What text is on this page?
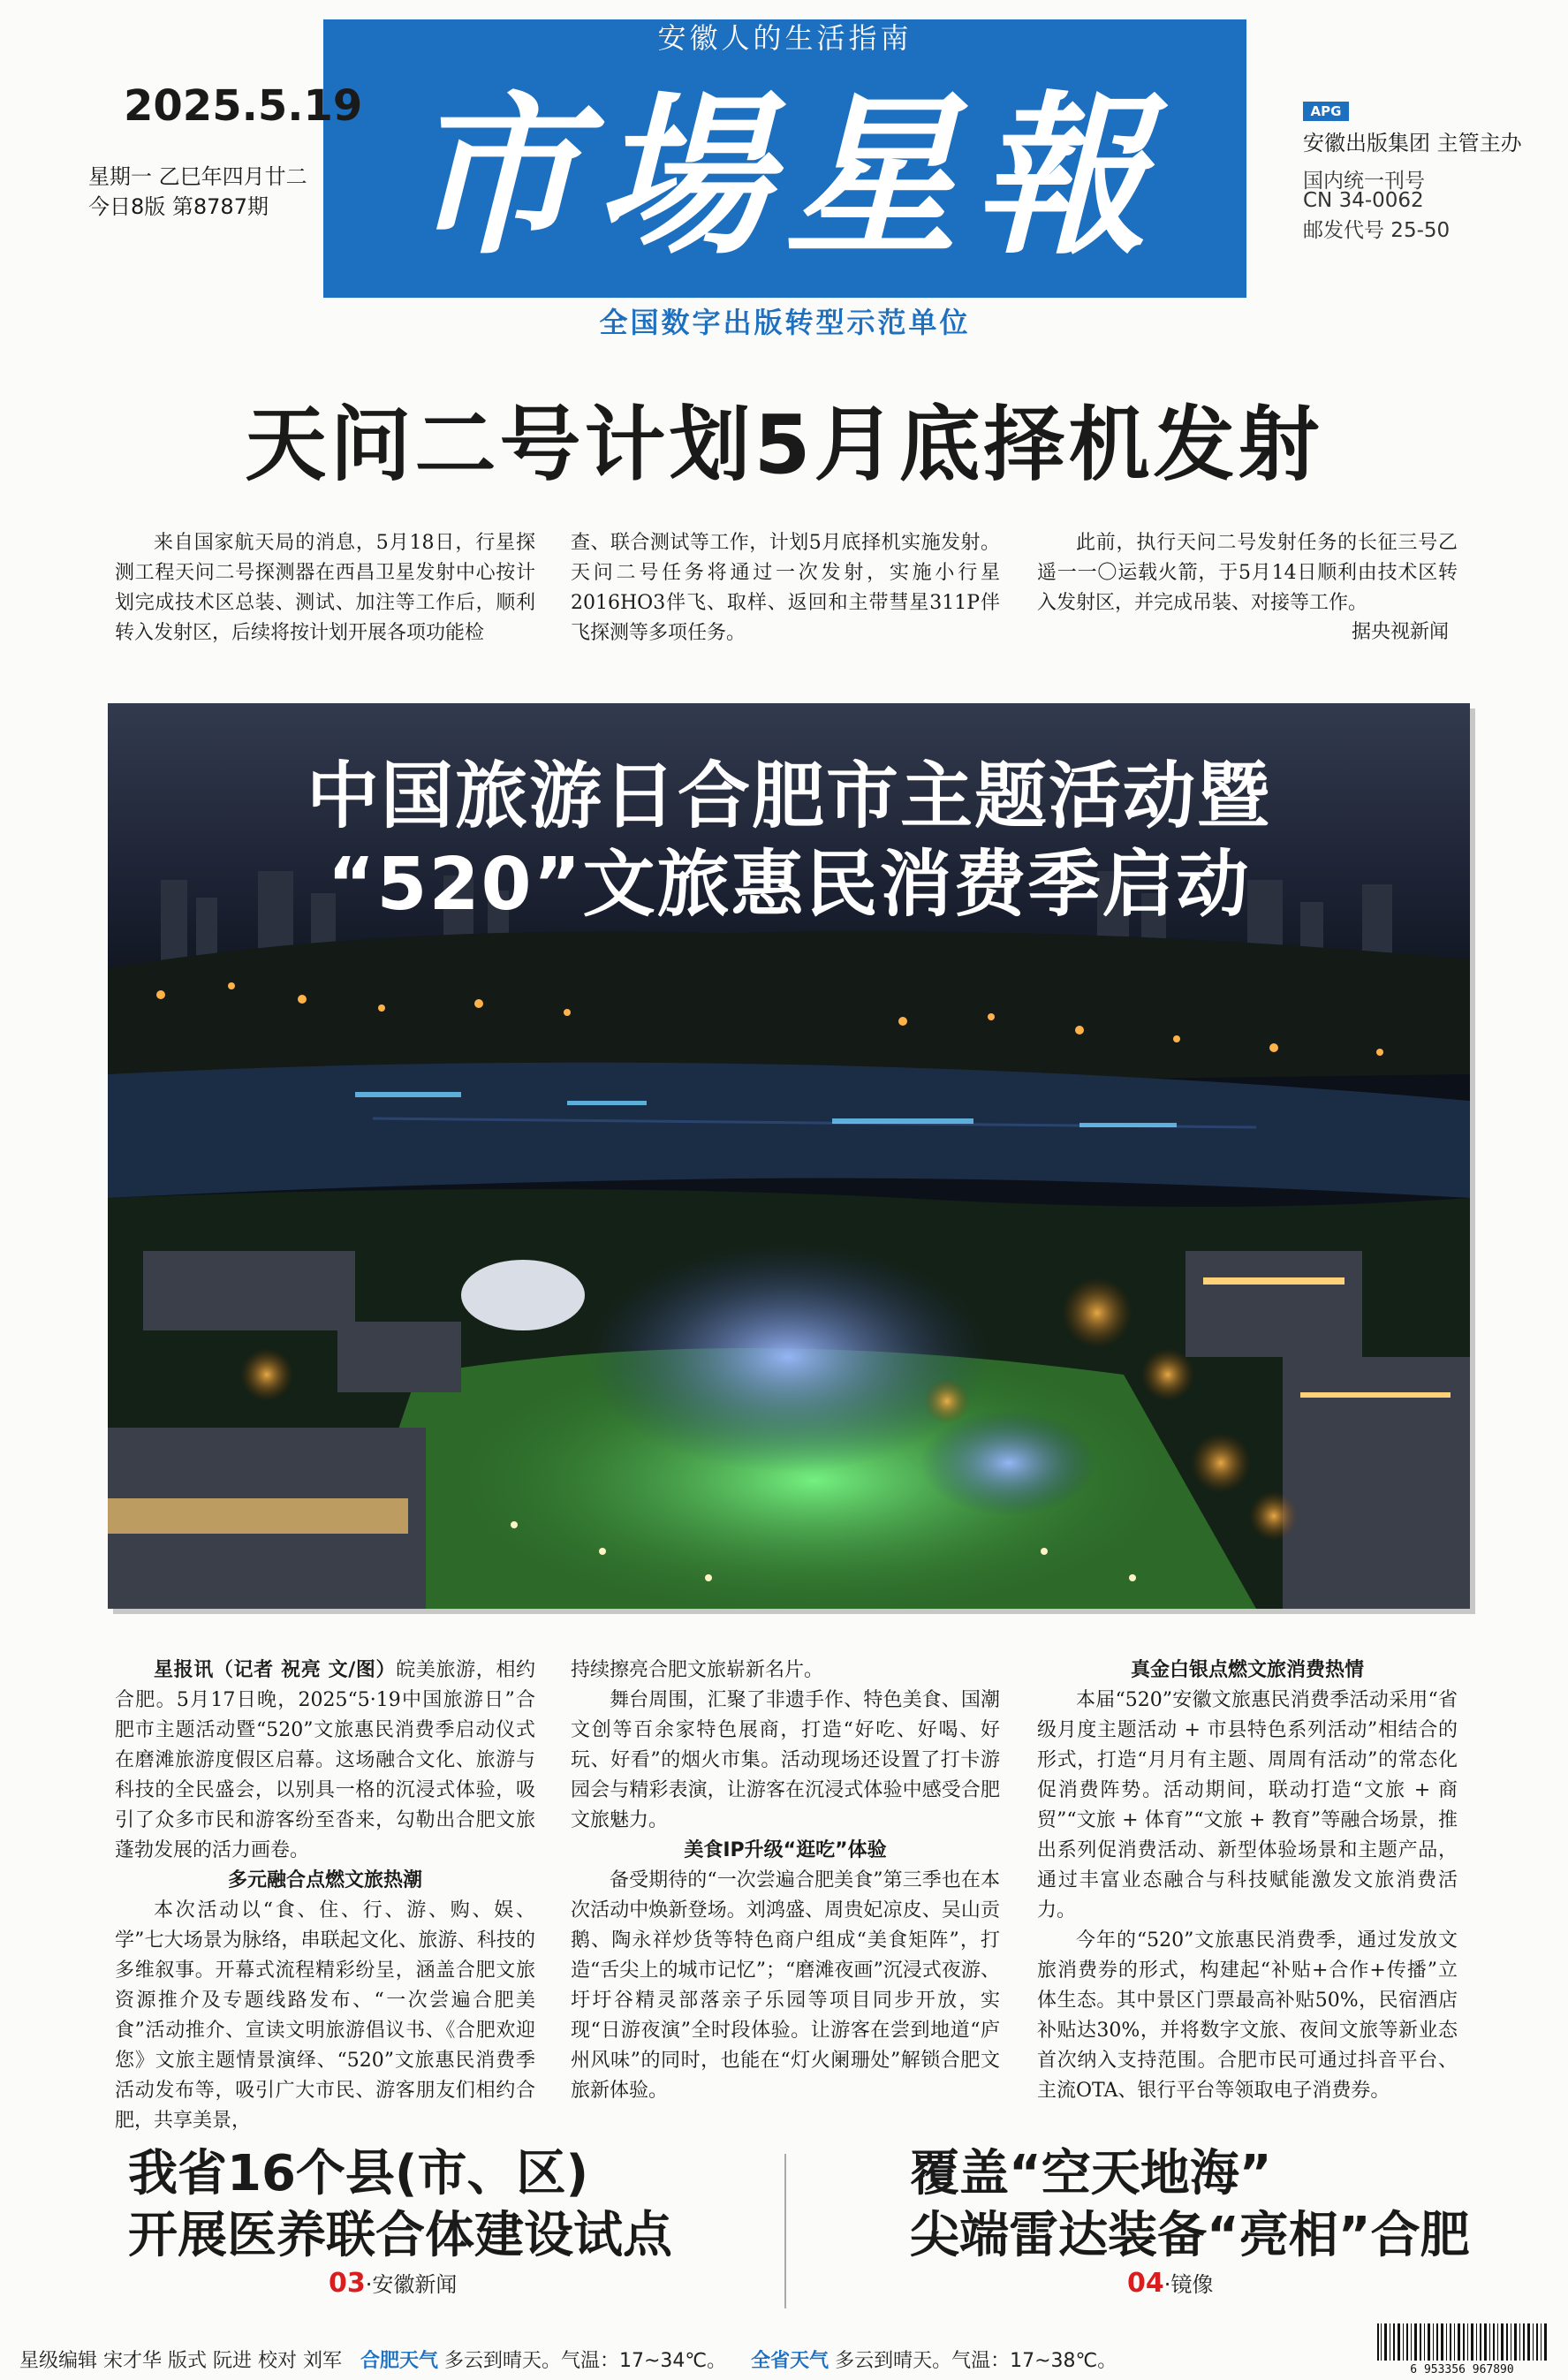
安徽人的生活指南
市場星報
全国数字出版转型示范单位
2025.5.19
星期一 乙巳年四月廿二
今日8版 第8787期
APG
安徽出版集团 主管主办
国内统一刊号
CN 34-0062
邮发代号 25-50
天问二号计划5月底择机发射
来自国家航天局的消息，5月18日，行星探测工程天问二号探测器在西昌卫星发射中心按计划完成技术区总装、测试、加注等工作后，顺利转入发射区，后续将按计划开展各项功能检
查、联合测试等工作，计划5月底择机实施发射。天问二号任务将通过一次发射，实施小行星2016HO3伴飞、取样、返回和主带彗星311P伴飞探测等多项任务。
此前，执行天问二号发射任务的长征三号乙遥一一〇运载火箭，于5月14日顺利由技术区转入发射区，并完成吊装、对接等工作。
据央视新闻
中国旅游日合肥市主题活动暨
“520”文旅惠民消费季启动

星报讯（记者 祝亮 文/图）皖美旅游，相约合肥。5月17日晚，2025“5·19中国旅游日”合肥市主题活动暨“520”文旅惠民消费季启动仪式在磨滩旅游度假区启幕。这场融合文化、旅游与科技的全民盛会，以别具一格的沉浸式体验，吸引了众多市民和游客纷至沓来，勾勒出合肥文旅蓬勃发展的活力画卷。

多元融合点燃文旅热潮

本次活动以“食、住、行、游、购、娱、学”七大场景为脉络，串联起文化、旅游、科技的多维叙事。开幕式流程精彩纷呈，涵盖合肥文旅资源推介及专题线路发布、“一次尝遍合肥美食”活动推介、宣读文明旅游倡议书、《合肥欢迎您》文旅主题情景演绎、“520”文旅惠民消费季活动发布等，吸引广大市民、游客朋友们相约合肥，共享美景，

持续擦亮合肥文旅崭新名片。

舞台周围，汇聚了非遗手作、特色美食、国潮文创等百余家特色展商，打造“好吃、好喝、好玩、好看”的烟火市集。活动现场还设置了打卡游园会与精彩表演，让游客在沉浸式体验中感受合肥文旅魅力。

美食IP升级“逛吃”体验

备受期待的“一次尝遍合肥美食”第三季也在本次活动中焕新登场。刘鸿盛、周贵妃凉皮、吴山贡鹅、陶永祥炒货等特色商户组成“美食矩阵”，打造“舌尖上的城市记忆”；“磨滩夜画”沉浸式夜游、圩圩谷精灵部落亲子乐园等项目同步开放，实现“日游夜演”全时段体验。让游客在尝到地道“庐州风味”的同时，也能在“灯火阑珊处”解锁合肥文旅新体验。

真金白银点燃文旅消费热情

本届“520”安徽文旅惠民消费季活动采用“省级月度主题活动 + 市县特色系列活动”相结合的形式，打造“月月有主题、周周有活动”的常态化促消费阵势。活动期间，联动打造“文旅 + 商贸”“文旅 + 体育”“文旅 + 教育”等融合场景，推出系列促消费活动、新型体验场景和主题产品，通过丰富业态融合与科技赋能激发文旅消费活力。

今年的“520”文旅惠民消费季，通过发放文旅消费券的形式，构建起“补贴+合作+传播”立体生态。其中景区门票最高补贴50%，民宿酒店补贴达30%，并将数字文旅、夜间文旅等新业态首次纳入支持范围。合肥市民可通过抖音平台、主流OTA、银行平台等领取电子消费券。

我省16个县(市、区)
开展医养联合体建设试点
03·安徽新闻
覆盖“空天地海”
尖端雷达装备“亮相”合肥
04·镜像
星级编辑 宋才华 版式 阮进 校对 刘军 合肥天气 多云到晴天。气温：17~34℃。 全省天气 多云到晴天。气温：17~38℃。	6 953356 967890
